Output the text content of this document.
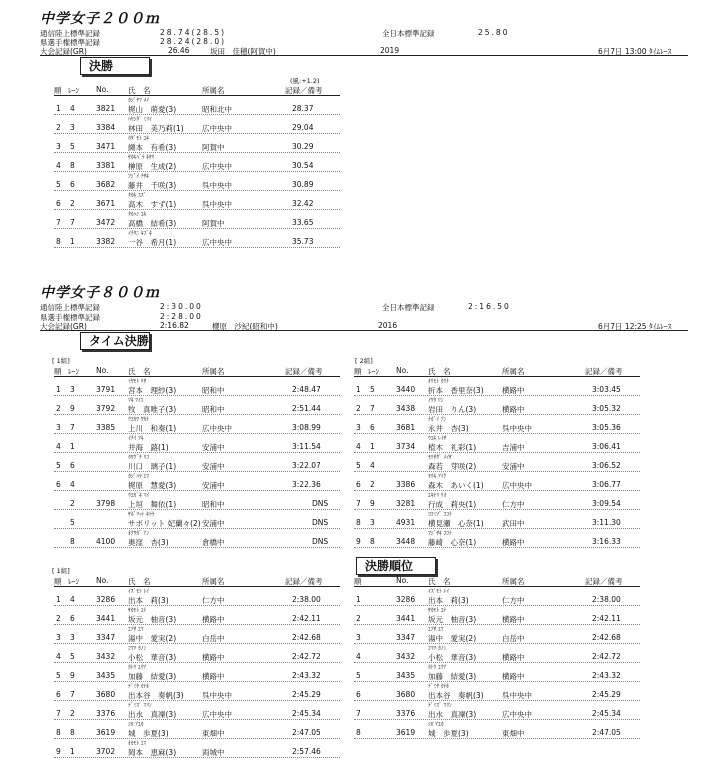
中学女子２００ｍ
通信陸上標準記録	28.74(28.5)	全日本標準記録	25.80
県選手権標準記録	28.24(28.0)
大会記録(GR)	26.46	坂田　佳穂(阿賀中)	2019	6月7日 13:00 ﾀｲﾑﾚｰｽ
決勝
(風:+1.2)
順 ﾚｰﾝ No.	氏　名	所属名	記録／備考
ｶｼﾞﾔﾏ ﾒｲ
1 4	3821 梶山　萌愛(3)	昭和北中	28.37
ﾊﾔｼﾀﾞ ﾐﾘｲ
2 3	3384 林田　美乃莉(1) 広中央中	29.04
ｶﾀﾞﾓﾄ ﾕｷ
3 5	3471 纐本　有希(3)	阿賀中	30.29
ｻｶｷﾊﾞﾗ ｷｻﾘ
4 8	3381 榊原　生成(2)	広中央中	30.54
ﾌｼﾞｲ ﾁｻｷ
5 6	3682 藤井　千咲(3)	呉中央中	30.89
ﾀｶｷ ｽｽﾞ
6 2	3671 高木　すず(1)	呉中央中	32.42
ﾀｶﾊｼ ﾕｷ
7 7	3472 高橋　結希(3)	阿賀中	33.65
ｲﾁﾀﾆ ｷﾌﾞｷ
8 1	3382 一谷　希月(1)	広中央中	35.73
中学女子８００ｍ
通信陸上標準記録	2:30.00	全日本標準記録	2:16.50
県選手権標準記録	2:28.00
大会記録(GR)	2:16.82	櫻原　沙紀(昭和中)	2016	6月7日 12:25 ﾀｲﾑﾚｰｽ
タイム決勝
[ 1組]	[ 2組]
順 ﾚｰﾝ No.	氏　名	所属名	記録／備考	順 ﾚｰﾝ No.	氏　名	所属名	記録／備考
ﾐﾔﾓﾄ ﾘｻ
1 3	3791 宮本　理紗(3)	昭和中	2:48.47
ﾏｷ ﾏｲｺ
2 9	3792 牧　真唯子(3)	昭和中	2:51.44
ｳｴｶﾜ ﾜｶﾅ
3 7	3385 上川　和奏(1)	広中央中	3:08.99
ｲﾁｲ ﾌｷ
4 1	井海　蕗(1)	安浦中	3:11.54
ｶﾜｸﾞﾁ ﾘｺ
5 6	川口　璃子(1)	安浦中	3:22.07
ｶｼﾞﾊﾗ ｴﾏ
6 4	梶原　慧愛(3)	安浦中	3:22.36
ｳｴｶﾞｷ ﾏｲ
2	3798 上垣　舞依(1)	昭和中	DNS
ｻﾎﾞﾘｯﾄ ｷﾗﾗ
5	サボリット 妃蘭々(2) 安浦中	DNS
ｵｸﾜｶﾞ ｱﾝ
8	4100 奥窪　杏(3)	倉橋中	DNS
ｵﾘﾓﾄ ｶﾘﾅ
1 5	3440 折本　香里奈(3) 横路中	3:03.45
ｲﾜﾀ ﾘﾝ
2 7	3438 岩田　りん(3)	横路中	3:05.32
ﾅｶﾞｲ ｱﾝ
3 6	3681 永井　杏(3)	呉中央中	3:05.36
ｳｴｷ ﾚｲｻ
4 1	3734 植木　礼彩(1)	吉浦中	3:06.41
ﾓﾘｻﾀﾞ ﾒｲｻ
5 4	森若　芽咲(2)	安浦中	3:06.52
ﾓﾘｷ ｱｲｸ
6 2	3386 森木　あいく(1) 広中央中	3:06.77
ﾕｷﾅﾘ ﾘｵ
7 9	3281 行成　莉央(1)	仁方中	3:09.54
ﾖｺﾐｿﾞ ｺｺﾅ
8 3	4931 横見瀬　心奈(1) 武田中	3:11.30
ﾌｼﾞｻｷ ｺｺﾅ
9 8	3448 藤崎　心奈(1)	横路中	3:16.33
決勝順位
[ 1組]
順 ﾚｰﾝ No.	氏　名	所属名	記録／備考	順	No.	氏　名	所属名	記録／備考
ｲｽﾞﾓﾄ ﾚｲ
1 4	3286 出本　莉(3)	仁方中	2:38.00
ｻｶﾓﾄ ﾕﾅ
2 6	3441 坂元　柚音(3)	横路中	2:42.11
ﾕｱｻ ｴﾏ
3 3	3347 湯中　愛実(2)	白岳中	2:42.68
ｺﾏﾂ ｶﾉﾝ
4 5	3432 小松　華音(3)	横路中	2:42.72
ｶﾄｳ ﾕｳｱ
5 9	3435 加藤　結愛(3)	横路中	2:43.32
ﾃﾞﾐﾔ ｶﾅﾎ
6 7	3680 出本谷　奏帆(3) 呉中央中	2:45.29
ﾃﾞﾐｽﾞ ﾏﾘﾝ
7 2	3376 出水　真凜(3)	広中央中	2:45.34
ｼﾛ ｱﾕｶ
8 8	3619 城　歩夏(3)	東畑中	2:47.05
ｵｶﾓﾄ ｴﾏ
9 1	3702 岡本　恵麻(3)	両城中	2:57.46
ｲｽﾞﾓﾄ ﾚｲ
1	3286 出本　莉(3)	仁方中	2:38.00
ｻｶﾓﾄ ﾕﾅ
2	3441 坂元　柚音(3)	横路中	2:42.11
ﾕｱｻ ｴﾏ
3	3347 湯中　愛実(2)	白岳中	2:42.68
ｺﾏﾂ ｶﾉﾝ
4	3432 小松　華音(3)	横路中	2:42.72
ｶﾄｳ ﾕｳｱ
5	3435 加藤　結愛(3)	横路中	2:43.32
ﾃﾞﾐﾔ ｶﾅﾎ
6	3680 出本谷　奏帆(3) 呉中央中	2:45.29
ﾃﾞﾐｽﾞ ﾏﾘﾝ
7	3376 出水　真凜(3)	広中央中	2:45.34
ｼﾛ ｱﾕｶ
8	3619 城　歩夏(3)	東畑中	2:47.05
